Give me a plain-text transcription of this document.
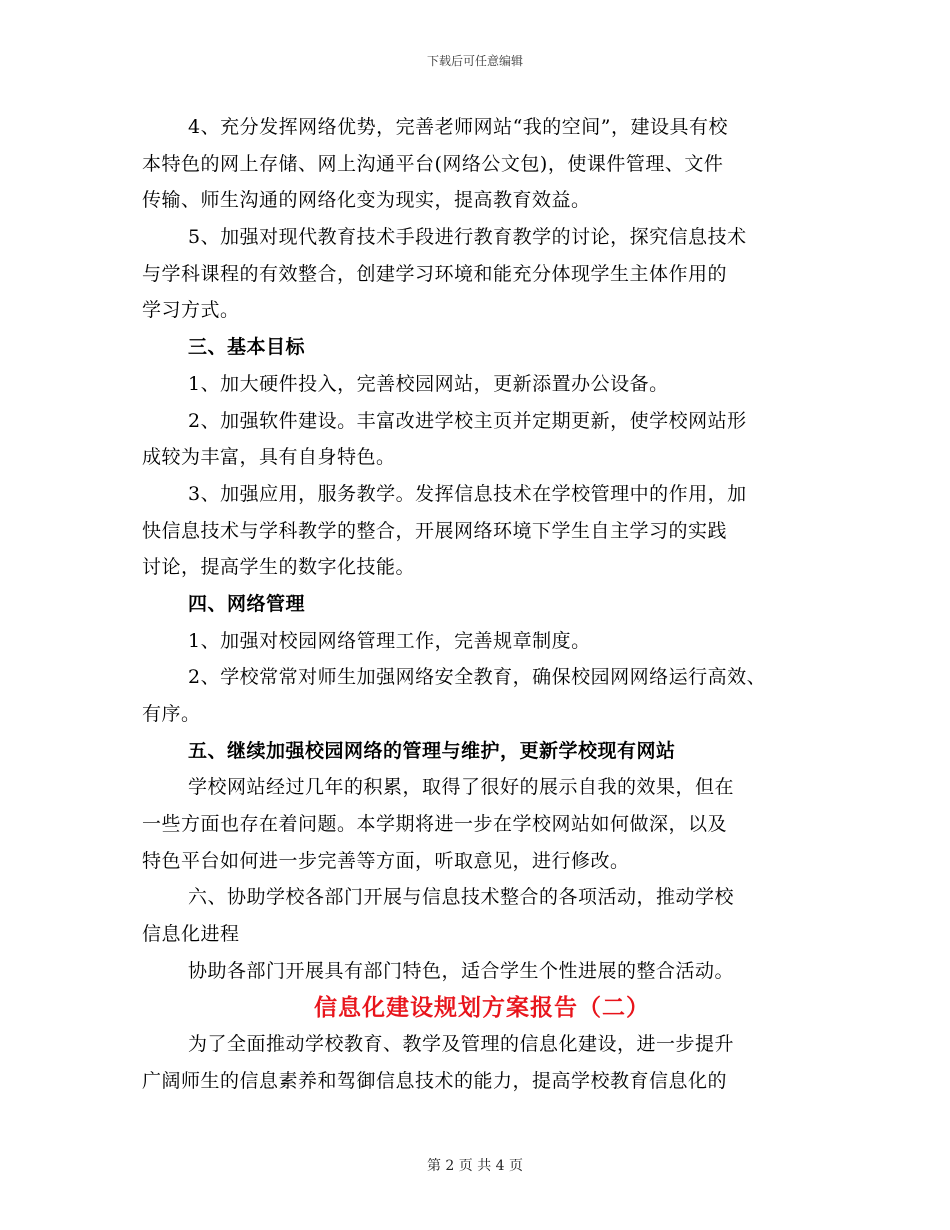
下载后可任意编辑
4、充分发挥网络优势，完善老师网站“我的空间”，建设具有校
本特色的网上存储、网上沟通平台(网络公文包)，使课件管理、文件
传输、师生沟通的网络化变为现实，提高教育效益。
5、加强对现代教育技术手段进行教育教学的讨论，探究信息技术
与学科课程的有效整合，创建学习环境和能充分体现学生主体作用的
学习方式。
三、基本目标
1、加大硬件投入，完善校园网站，更新添置办公设备。
2、加强软件建设。丰富改进学校主页并定期更新，使学校网站形
成较为丰富，具有自身特色。
3、加强应用，服务教学。发挥信息技术在学校管理中的作用，加
快信息技术与学科教学的整合，开展网络环境下学生自主学习的实践
讨论，提高学生的数字化技能。
四、网络管理
1、加强对校园网络管理工作，完善规章制度。
2、学校常常对师生加强网络安全教育，确保校园网网络运行高效、
有序。
五、继续加强校园网络的管理与维护，更新学校现有网站
学校网站经过几年的积累，取得了很好的展示自我的效果，但在
一些方面也存在着问题。本学期将进一步在学校网站如何做深，以及
特色平台如何进一步完善等方面，听取意见，进行修改。
六、协助学校各部门开展与信息技术整合的各项活动，推动学校
信息化进程
协助各部门开展具有部门特色，适合学生个性进展的整合活动。
信息化建设规划方案报告（二）
为了全面推动学校教育、教学及管理的信息化建设，进一步提升
广阔师生的信息素养和驾御信息技术的能力，提高学校教育信息化的
第 2 页 共 4 页
